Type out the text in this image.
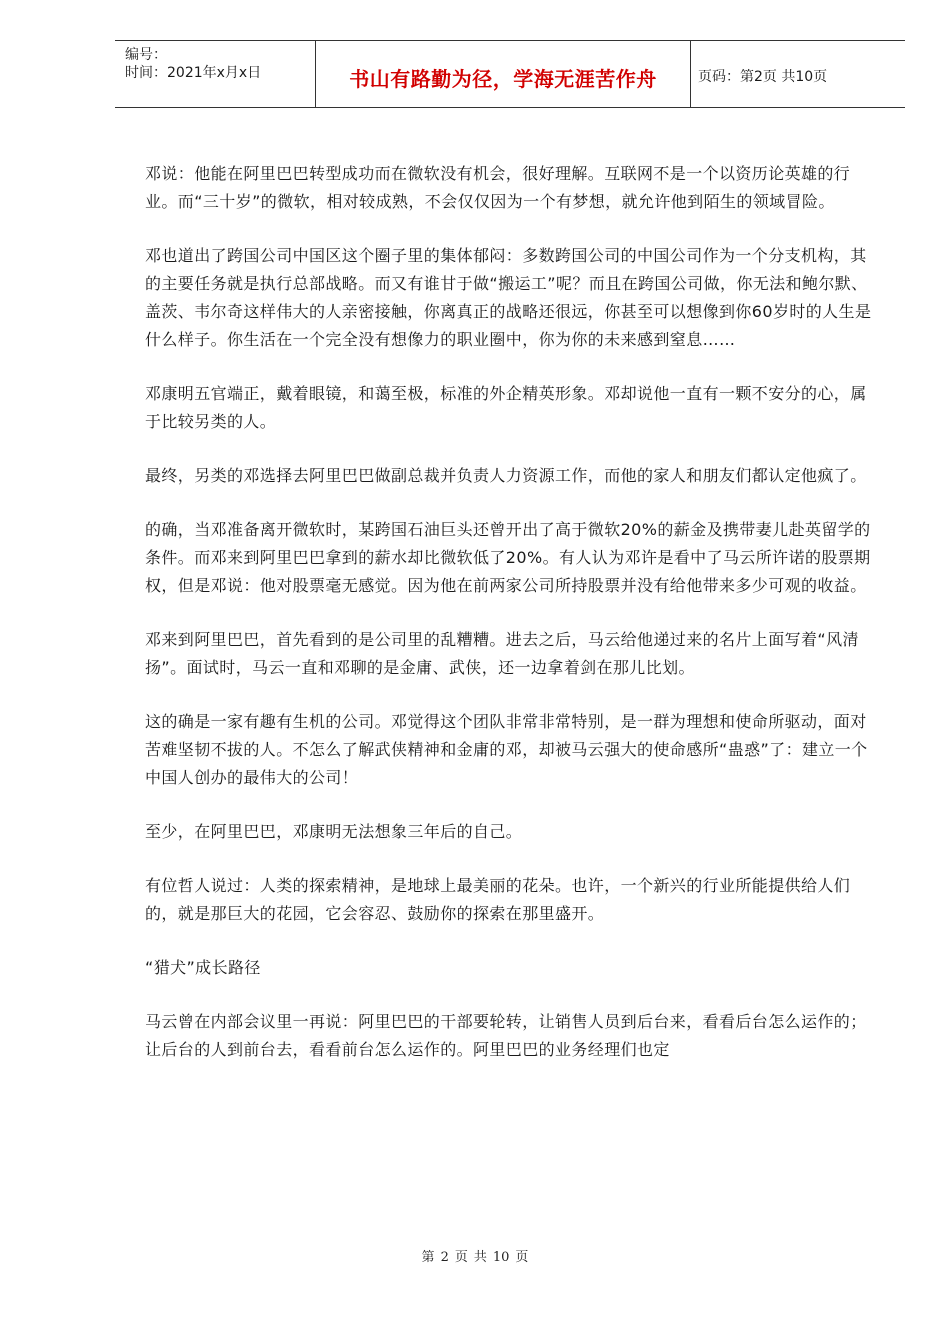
编号：
时间：2021年x月x日	书山有路勤为径，学海无涯苦作舟	页码：第2页 共10页

邓说：他能在阿里巴巴转型成功而在微软没有机会，很好理解。互联网不是一个以资历论英雄的行业。而“三十岁”的微软，相对较成熟，不会仅仅因为一个有梦想，就允许他到陌生的领域冒险。

邓也道出了跨国公司中国区这个圈子里的集体郁闷：多数跨国公司的中国公司作为一个分支机构，其的主要任务就是执行总部战略。而又有谁甘于做“搬运工”呢？而且在跨国公司做，你无法和鲍尔默、盖茨、韦尔奇这样伟大的人亲密接触，你离真正的战略还很远，你甚至可以想像到你60岁时的人生是什么样子。你生活在一个完全没有想像力的职业圈中，你为你的未来感到窒息……

邓康明五官端正，戴着眼镜，和蔼至极，标准的外企精英形象。邓却说他一直有一颗不安分的心，属于比较另类的人。

最终，另类的邓选择去阿里巴巴做副总裁并负责人力资源工作，而他的家人和朋友们都认定他疯了。

的确，当邓准备离开微软时，某跨国石油巨头还曾开出了高于微软20%的薪金及携带妻儿赴英留学的条件。而邓来到阿里巴巴拿到的薪水却比微软低了20%。有人认为邓许是看中了马云所许诺的股票期权，但是邓说：他对股票毫无感觉。因为他在前两家公司所持股票并没有给他带来多少可观的收益。

邓来到阿里巴巴，首先看到的是公司里的乱糟糟。进去之后，马云给他递过来的名片上面写着“风清扬”。面试时，马云一直和邓聊的是金庸、武侠，还一边拿着剑在那儿比划。

这的确是一家有趣有生机的公司。邓觉得这个团队非常非常特别，是一群为理想和使命所驱动，面对苦难坚韧不拔的人。不怎么了解武侠精神和金庸的邓，却被马云强大的使命感所“蛊惑”了：建立一个中国人创办的最伟大的公司！

至少，在阿里巴巴，邓康明无法想象三年后的自己。

有位哲人说过：人类的探索精神，是地球上最美丽的花朵。也许，一个新兴的行业所能提供给人们的，就是那巨大的花园，它会容忍、鼓励你的探索在那里盛开。

“猎犬”成长路径

马云曾在内部会议里一再说：阿里巴巴的干部要轮转，让销售人员到后台来，看看后台怎么运作的；让后台的人到前台去，看看前台怎么运作的。阿里巴巴的业务经理们也定

第 2 页 共 10 页
